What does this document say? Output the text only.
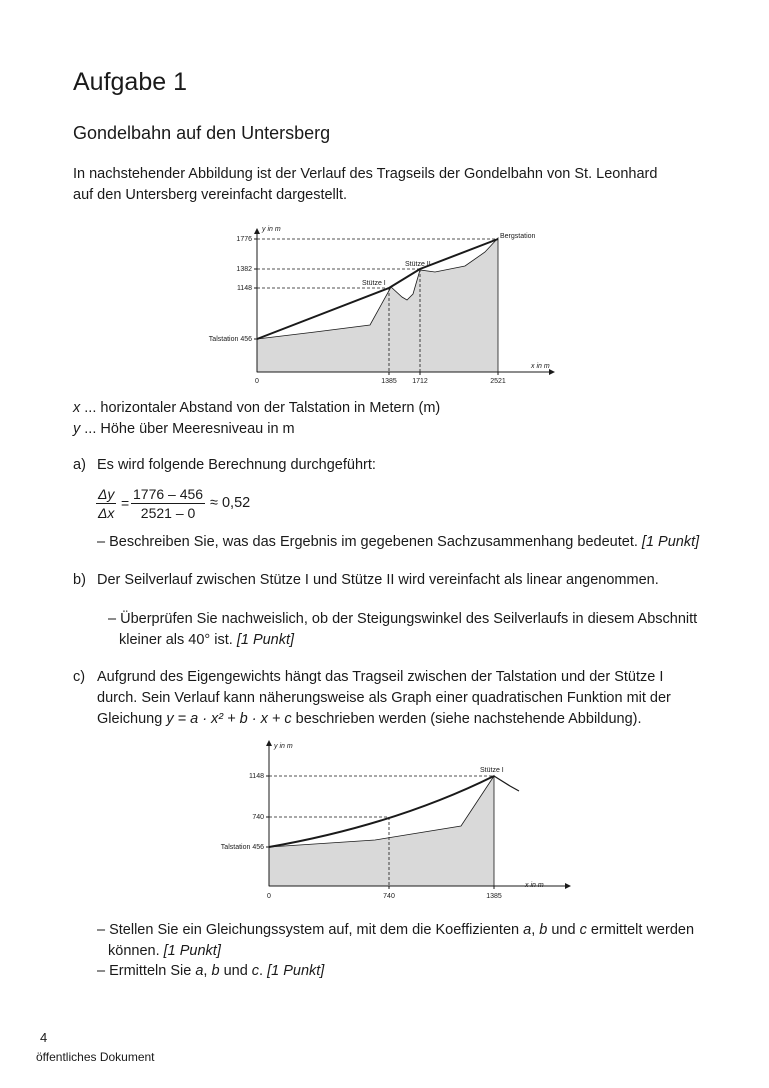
Aufgabe 1
Gondelbahn auf den Untersberg
In nachstehender Abbildung ist der Verlauf des Tragseils der Gondelbahn von St. Leonhard
auf den Untersberg vereinfacht dargestellt.
y in m
x in m
1776
1382
1148
Talstation 456
0	1385 1712	2521
Bergstation
Stütze II
Stütze I
x ... horizontaler Abstand von der Talstation in Metern (m)
y ... Höhe über Meeresniveau in m
a) Es wird folgende Berechnung durchgeführt:
$\frac{\Delta y}{\Delta x} = \frac{1776 - 456}{2521 - 0} \approx 0,52$
– Beschreiben Sie, was das Ergebnis im gegebenen Sachzusammenhang bedeutet. [1 Punkt]
b) Der Seilverlauf zwischen Stütze I und Stütze II wird vereinfacht als linear angenommen.
– Überprüfen Sie nachweislich, ob der Steigungswinkel des Seilverlaufs in diesem Abschnitt
kleiner als 40° ist. [1 Punkt]
c) Aufgrund des Eigengewichts hängt das Tragseil zwischen der Talstation und der Stütze I
durch. Sein Verlauf kann näherungsweise als Graph einer quadratischen Funktion mit der
Gleichung y = a · x² + b · x + c beschrieben werden (siehe nachstehende Abbildung).
y in m
x in m
1148
740
Talstation 456
0	740	1385
Stütze I
– Stellen Sie ein Gleichungssystem auf, mit dem die Koeffizienten a, b und c ermittelt werden
können. [1 Punkt]
– Ermitteln Sie a, b und c. [1 Punkt]
4
öffentliches Dokument
